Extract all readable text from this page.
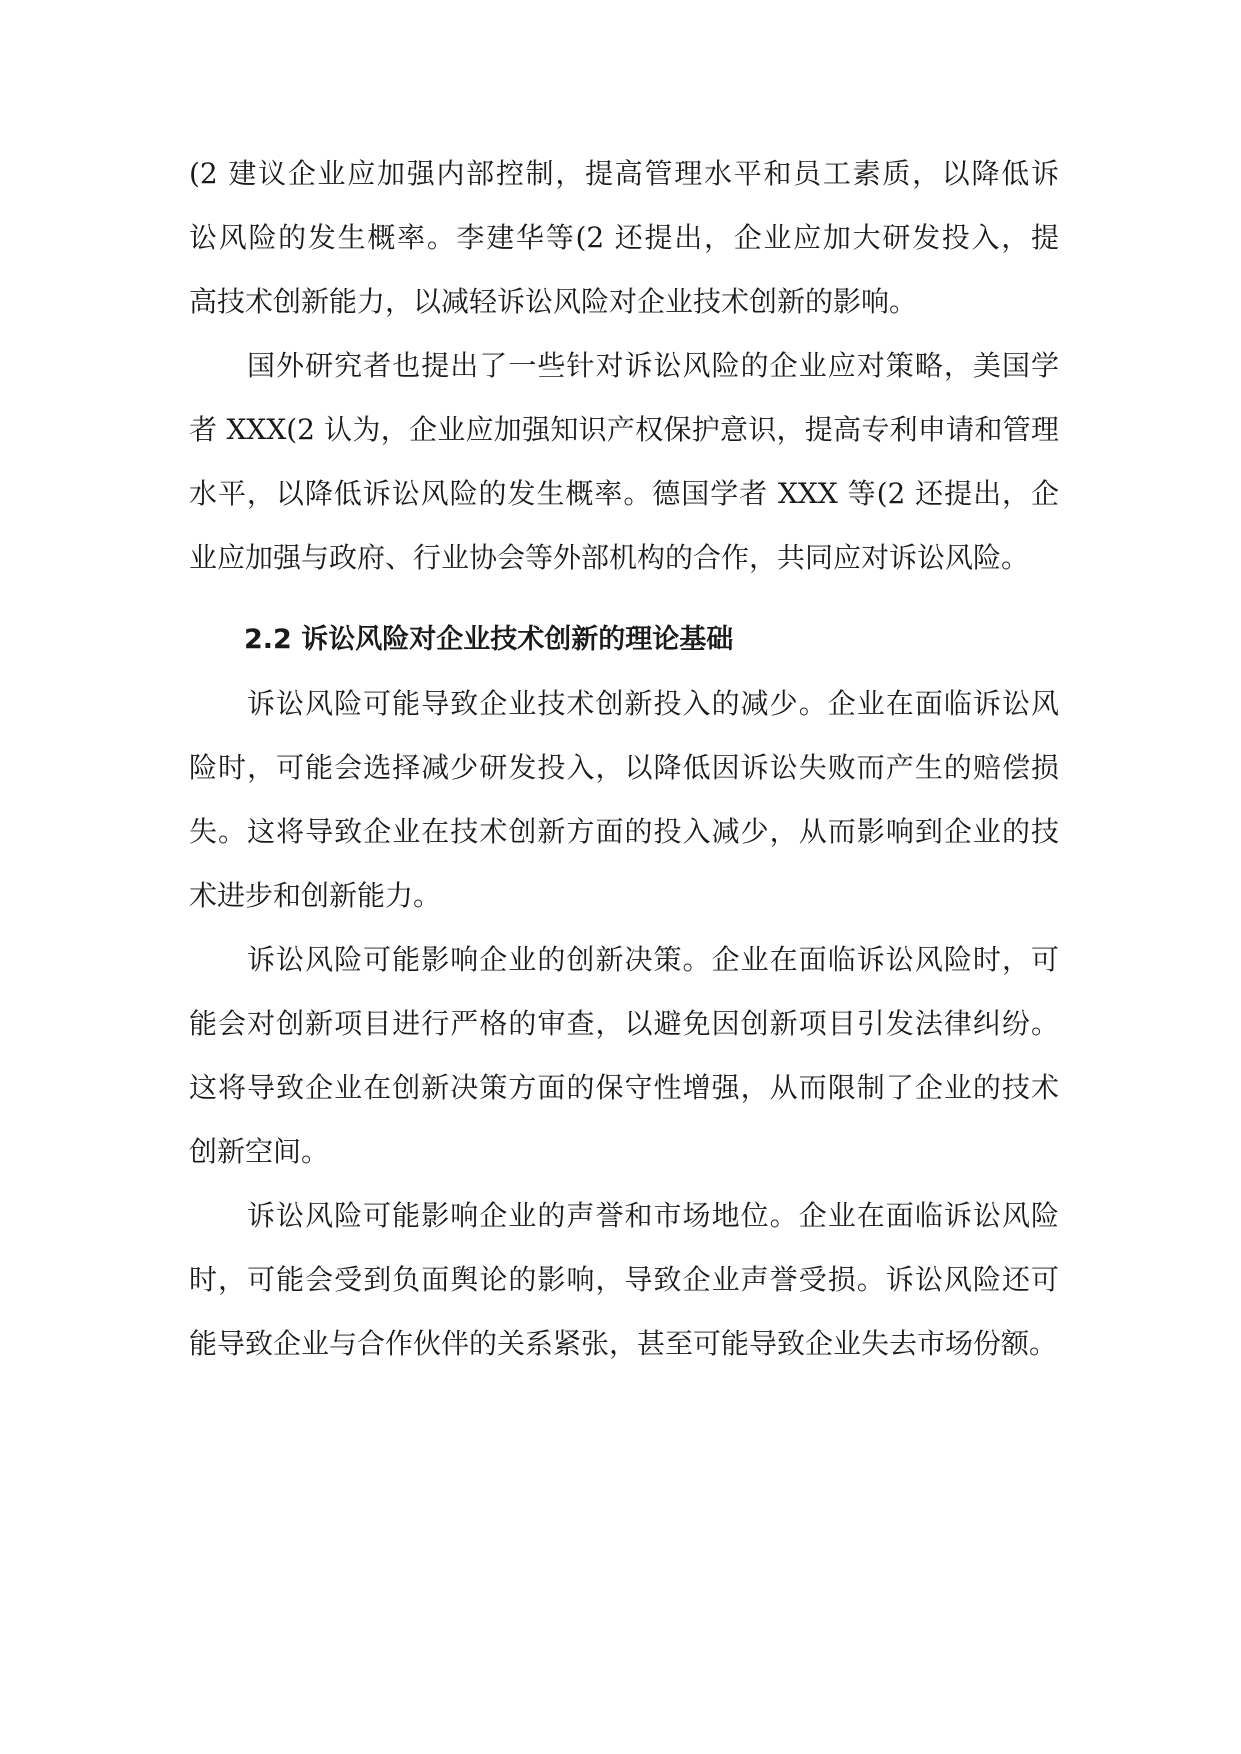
(2 建议企业应加强内部控制，提高管理水平和员工素质，以降低诉
讼风险的发生概率。李建华等(2 还提出，企业应加大研发投入，提
高技术创新能力，以减轻诉讼风险对企业技术创新的影响。
国外研究者也提出了一些针对诉讼风险的企业应对策略，美国学
者 XXX(2 认为，企业应加强知识产权保护意识，提高专利申请和管理
水平，以降低诉讼风险的发生概率。德国学者 XXX 等(2 还提出，企
业应加强与政府、行业协会等外部机构的合作，共同应对诉讼风险。
2.2 诉讼风险对企业技术创新的理论基础
诉讼风险可能导致企业技术创新投入的减少。企业在面临诉讼风
险时，可能会选择减少研发投入，以降低因诉讼失败而产生的赔偿损
失。这将导致企业在技术创新方面的投入减少，从而影响到企业的技
术进步和创新能力。
诉讼风险可能影响企业的创新决策。企业在面临诉讼风险时，可
能会对创新项目进行严格的审查，以避免因创新项目引发法律纠纷。
这将导致企业在创新决策方面的保守性增强，从而限制了企业的技术
创新空间。
诉讼风险可能影响企业的声誉和市场地位。企业在面临诉讼风险
时，可能会受到负面舆论的影响，导致企业声誉受损。诉讼风险还可
能导致企业与合作伙伴的关系紧张，甚至可能导致企业失去市场份额。
